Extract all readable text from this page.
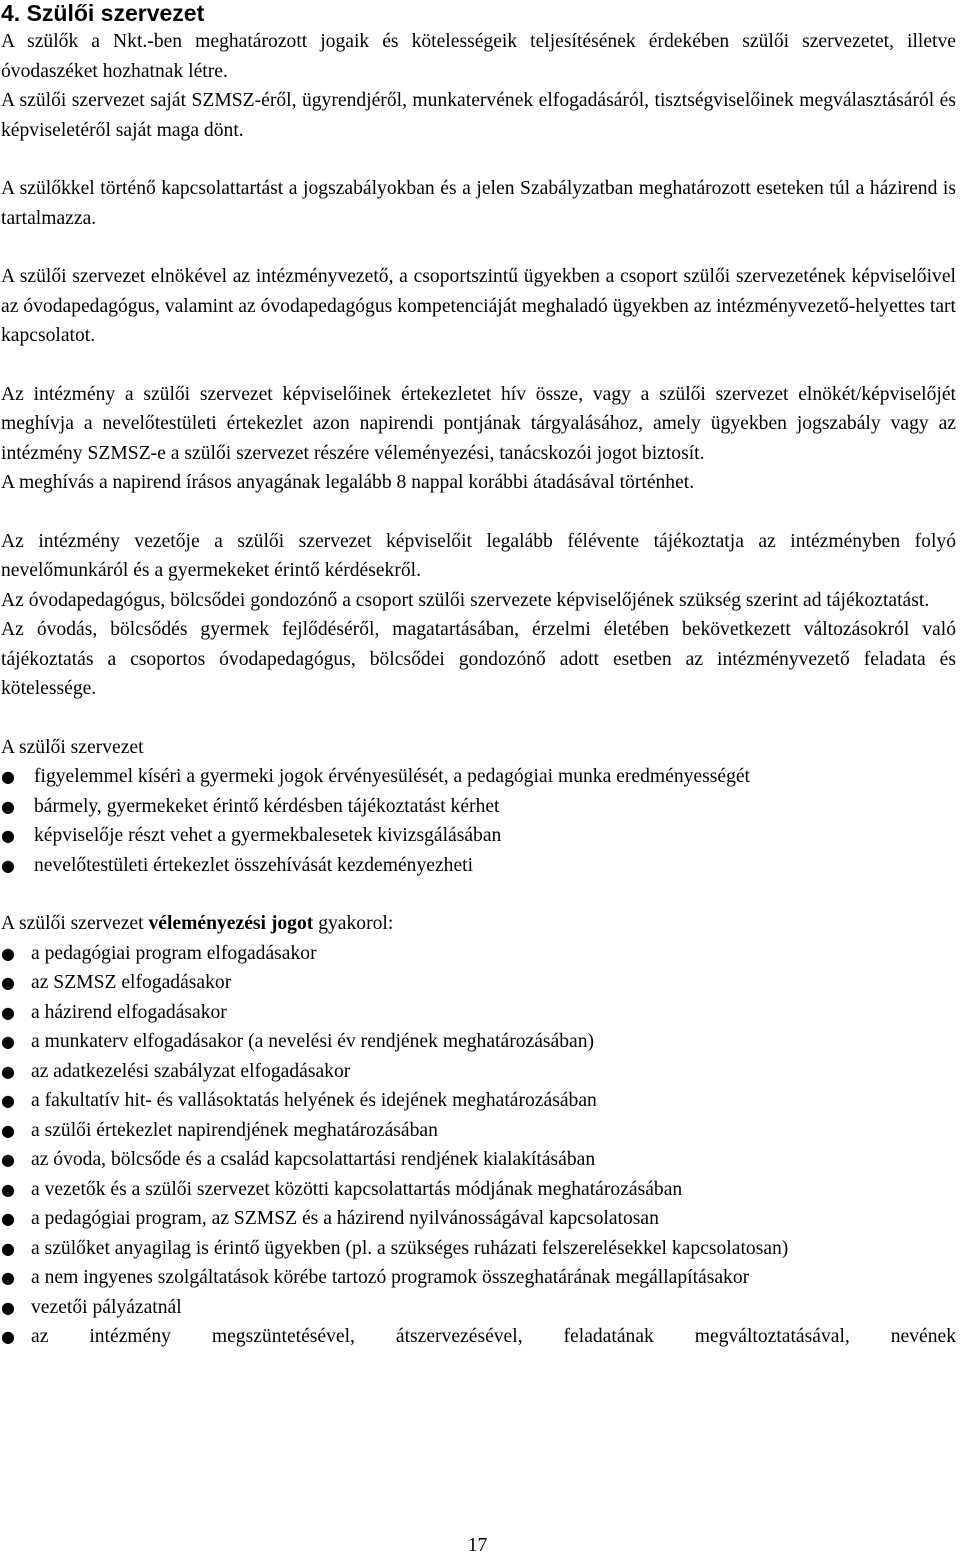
4. Szülői szervezet

A szülők a Nkt.-ben meghatározott jogaik és kötelességeik teljesítésének érdekében szülői szervezetet, illetve óvodaszéket hozhatnak létre.

A szülői szervezet saját SZMSZ-éről, ügyrendjéről, munkatervének elfogadásáról, tisztségviselőinek megválasztásáról és képviseletéről saját maga dönt.

A szülőkkel történő kapcsolattartást a jogszabályokban és a jelen Szabályzatban meghatározott eseteken túl a házirend is tartalmazza.

A szülői szervezet elnökével az intézményvezető, a csoportszintű ügyekben a csoport szülői szervezetének képviselőivel az óvodapedagógus, valamint az óvodapedagógus kompetenciáját meghaladó ügyekben az intézményvezető-helyettes tart kapcsolatot.

Az intézmény a szülői szervezet képviselőinek értekezletet hív össze, vagy a szülői szervezet elnökét/képviselőjét meghívja a nevelőtestületi értekezlet azon napirendi pontjának tárgyalásához, amely ügyekben jogszabály vagy az intézmény SZMSZ-e a szülői szervezet részére véleményezési, tanácskozói jogot biztosít.

A meghívás a napirend írásos anyagának legalább 8 nappal korábbi átadásával történhet.

Az intézmény vezetője a szülői szervezet képviselőit legalább félévente tájékoztatja az intézményben folyó nevelőmunkáról és a gyermekeket érintő kérdésekről.

Az óvodapedagógus, bölcsődei gondozónő a csoport szülői szervezete képviselőjének szükség szerint ad tájékoztatást.

Az óvodás, bölcsődés gyermek fejlődéséről, magatartásában, érzelmi életében bekövetkezett változásokról való tájékoztatás a csoportos óvodapedagógus, bölcsődei gondozónő adott esetben az intézményvezető feladata és kötelessége.

A szülői szervezet

● figyelemmel kíséri a gyermeki jogok érvényesülését, a pedagógiai munka eredményességét
● bármely, gyermekeket érintő kérdésben tájékoztatást kérhet
● képviselője részt vehet a gyermekbalesetek kivizsgálásában
● nevelőtestületi értekezlet összehívását kezdeményezheti

A szülői szervezet véleményezési jogot gyakorol:

● a pedagógiai program elfogadásakor
● az SZMSZ elfogadásakor
● a házirend elfogadásakor
● a munkaterv elfogadásakor (a nevelési év rendjének meghatározásában)
● az adatkezelési szabályzat elfogadásakor
● a fakultatív hit- és vallásoktatás helyének és idejének meghatározásában
● a szülői értekezlet napirendjének meghatározásában
● az óvoda, bölcsőde és a család kapcsolattartási rendjének kialakításában
● a vezetők és a szülői szervezet közötti kapcsolattartás módjának meghatározásában
● a pedagógiai program, az SZMSZ és a házirend nyilvánosságával kapcsolatosan
● a szülőket anyagilag is érintő ügyekben (pl. a szükséges ruházati felszerelésekkel kapcsolatosan)
● a nem ingyenes szolgáltatások körébe tartozó programok összeghatárának megállapításakor
● vezetői pályázatnál
● az intézmény megszüntetésével, átszervezésével, feladatának megváltoztatásával, nevének
17
